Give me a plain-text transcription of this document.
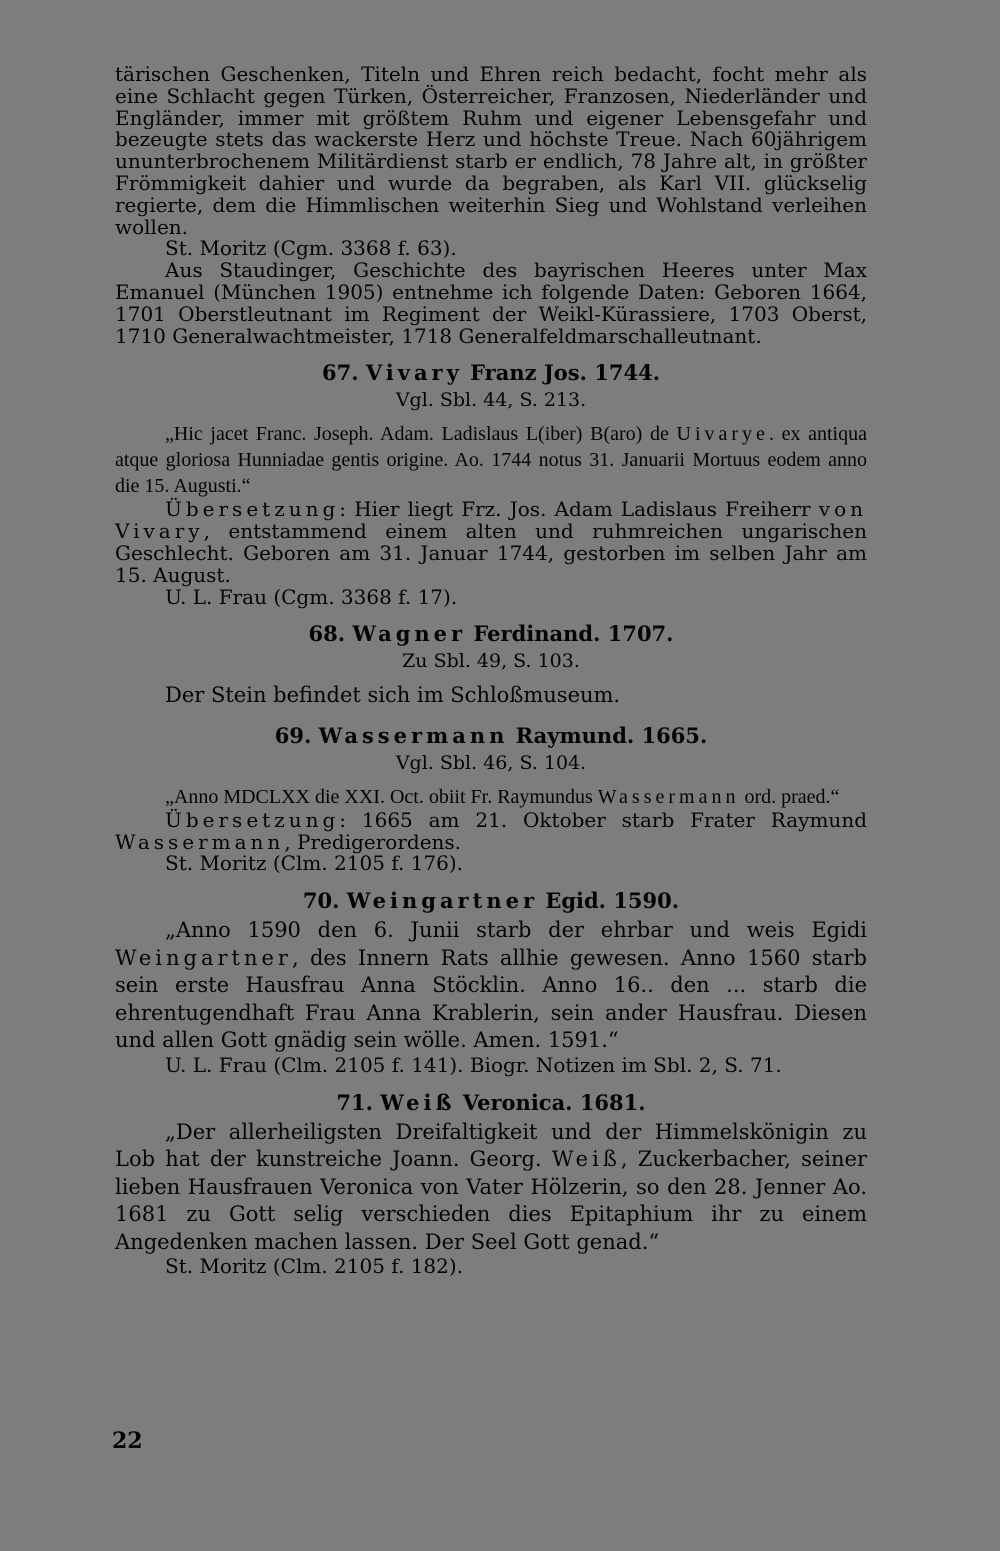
tärischen Geschenken, Titeln und Ehren reich bedacht, focht mehr als eine Schlacht gegen Türken, Österreicher, Franzosen, Niederländer und Engländer, immer mit größtem Ruhm und eigener Lebensgefahr und bezeugte stets das wackerste Herz und höchste Treue. Nach 60jährigem ununterbrochenem Militärdienst starb er endlich, 78 Jahre alt, in größter Frömmigkeit dahier und wurde da begraben, als Karl VII. glückselig regierte, dem die Himmlischen weiterhin Sieg und Wohlstand verleihen wollen.

St. Moritz (Cgm. 3368 f. 63).

Aus Staudinger, Geschichte des bayrischen Heeres unter Max Emanuel (München 1905) entnehme ich folgende Daten: Geboren 1664, 1701 Oberstleutnant im Regiment der Weikl-Kürassiere, 1703 Oberst, 1710 Generalwachtmeister, 1718 Generalfeldmarschalleutnant.

67. Vivary Franz Jos. 1744.
Vgl. Sbl. 44, S. 213.

„Hic jacet Franc. Joseph. Adam. Ladislaus L(iber) B(aro) de Uivarye. ex antiqua atque gloriosa Hunniadae gentis origine. Ao. 1744 notus 31. Januarii Mortuus eodem anno die 15. Augusti.“

Übersetzung: Hier liegt Frz. Jos. Adam Ladislaus Freiherr von Vivary, entstammend einem alten und ruhmreichen ungarischen Geschlecht. Geboren am 31. Januar 1744, gestorben im selben Jahr am 15. August.

U. L. Frau (Cgm. 3368 f. 17).

68. Wagner Ferdinand. 1707.
Zu Sbl. 49, S. 103.

Der Stein befindet sich im Schloßmuseum.

69. Wassermann Raymund. 1665.
Vgl. Sbl. 46, S. 104.

„Anno MDCLXX die XXI. Oct. obiit Fr. Raymundus Wassermann ord. praed.“

Übersetzung: 1665 am 21. Oktober starb Frater Raymund Wassermann, Predigerordens.

St. Moritz (Clm. 2105 f. 176).

70. Weingartner Egid. 1590.

„Anno 1590 den 6. Junii starb der ehrbar und weis Egidi Weingartner, des Innern Rats allhie gewesen. Anno 1560 starb sein erste Hausfrau Anna Stöcklin. Anno 16.. den ... starb die ehrentugendhaft Frau Anna Krablerin, sein ander Hausfrau. Diesen und allen Gott gnädig sein wölle. Amen. 1591.“

U. L. Frau (Clm. 2105 f. 141). Biogr. Notizen im Sbl. 2, S. 71.

71. Weiß Veronica. 1681.

„Der allerheiligsten Dreifaltigkeit und der Himmelskönigin zu Lob hat der kunstreiche Joann. Georg. Weiß, Zuckerbacher, seiner lieben Hausfrauen Veronica von Vater Hölzerin, so den 28. Jenner Ao. 1681 zu Gott selig verschieden dies Epitaphium ihr zu einem Angedenken machen lassen. Der Seel Gott genad.“

St. Moritz (Clm. 2105 f. 182).

22
